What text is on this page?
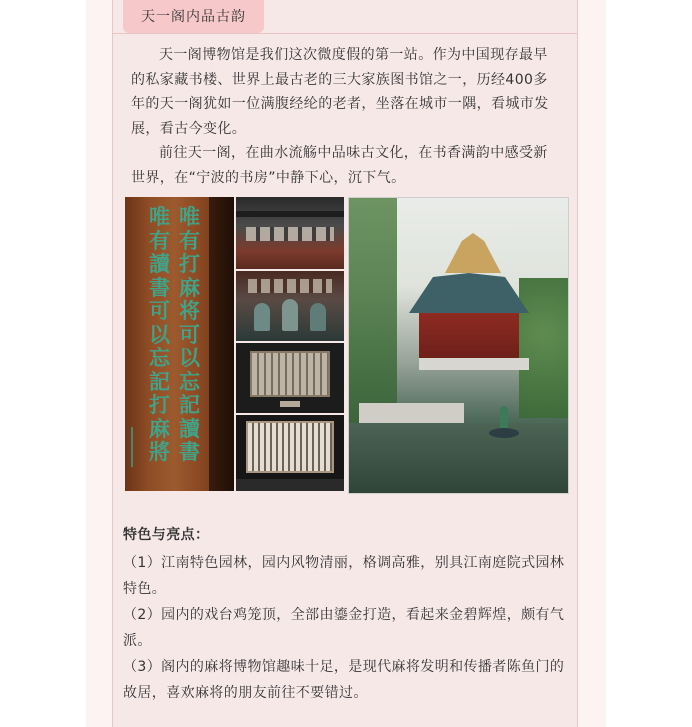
天一阁内品古韵

天一阁博物馆是我们这次微度假的第一站。作为中国现存最早的私家藏书楼、世界上最古老的三大家族图书馆之一，历经400多年的天一阁犹如一位满腹经纶的老者，坐落在城市一隅，看城市发展，看古今变化。

前往天一阁，在曲水流觞中品味古文化，在书香满韵中感受新世界，在“宁波的书房”中静下心，沉下气。

唯有打麻将可以忘記讀書
唯有讀書可以忘記打麻將
特色与亮点：

（1）江南特色园林，园内风物清丽，格调高雅，别具江南庭院式园林特色。

（2）园内的戏台鸡笼顶，全部由鎏金打造，看起来金碧辉煌，颇有气派。

（3）阁内的麻将博物馆趣味十足，是现代麻将发明和传播者陈鱼门的故居，喜欢麻将的朋友前往不要错过。
